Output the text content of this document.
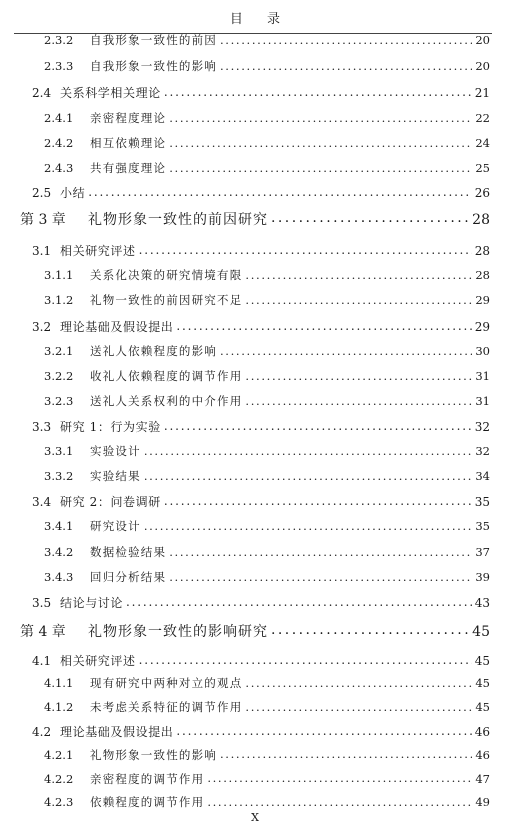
目 录
2.3.2	自我形象一致性的前因 . . .	20
2.3.3	自我形象一致性的影响 . . .	20
2.4 关系科学相关理论 . . .	21
2.4.1	亲密程度理论 . . .	22
2.4.2	相互依赖理论 . . .	24
2.4.3	共有强度理论 . . .	25
2.5 小结 . . .	26
第 3 章	礼物形象一致性的前因研究 . . .	28
3.1 相关研究评述 . . .	28
3.1.1	关系化决策的研究情境有限 . . .	28
3.1.2	礼物一致性的前因研究不足 . . .	29
3.2 理论基础及假设提出 . . .	29
3.2.1	送礼人依赖程度的影响 . . .	30
3.2.2	收礼人依赖程度的调节作用 . . .	31
3.2.3	送礼人关系权利的中介作用 . . .	31
3.3 研究 1：行为实验 . . .	32
3.3.1	实验设计 . . .	32
3.3.2	实验结果 . . .	34
3.4 研究 2：问卷调研 . . .	35
3.4.1	研究设计 . . .	35
3.4.2	数据检验结果 . . .	37
3.4.3	回归分析结果 . . .	39
3.5 结论与讨论 . . .	43
第 4 章	礼物形象一致性的影响研究 . . .	45
4.1 相关研究评述 . . .	45
4.1.1	现有研究中两种对立的观点 . . .	45
4.1.2	未考虑关系特征的调节作用 . . .	45
4.2 理论基础及假设提出 . . .	46
4.2.1	礼物形象一致性的影响 . . .	46
4.2.2	亲密程度的调节作用 . . .	47
4.2.3	依赖程度的调节作用 . . .	49
X
